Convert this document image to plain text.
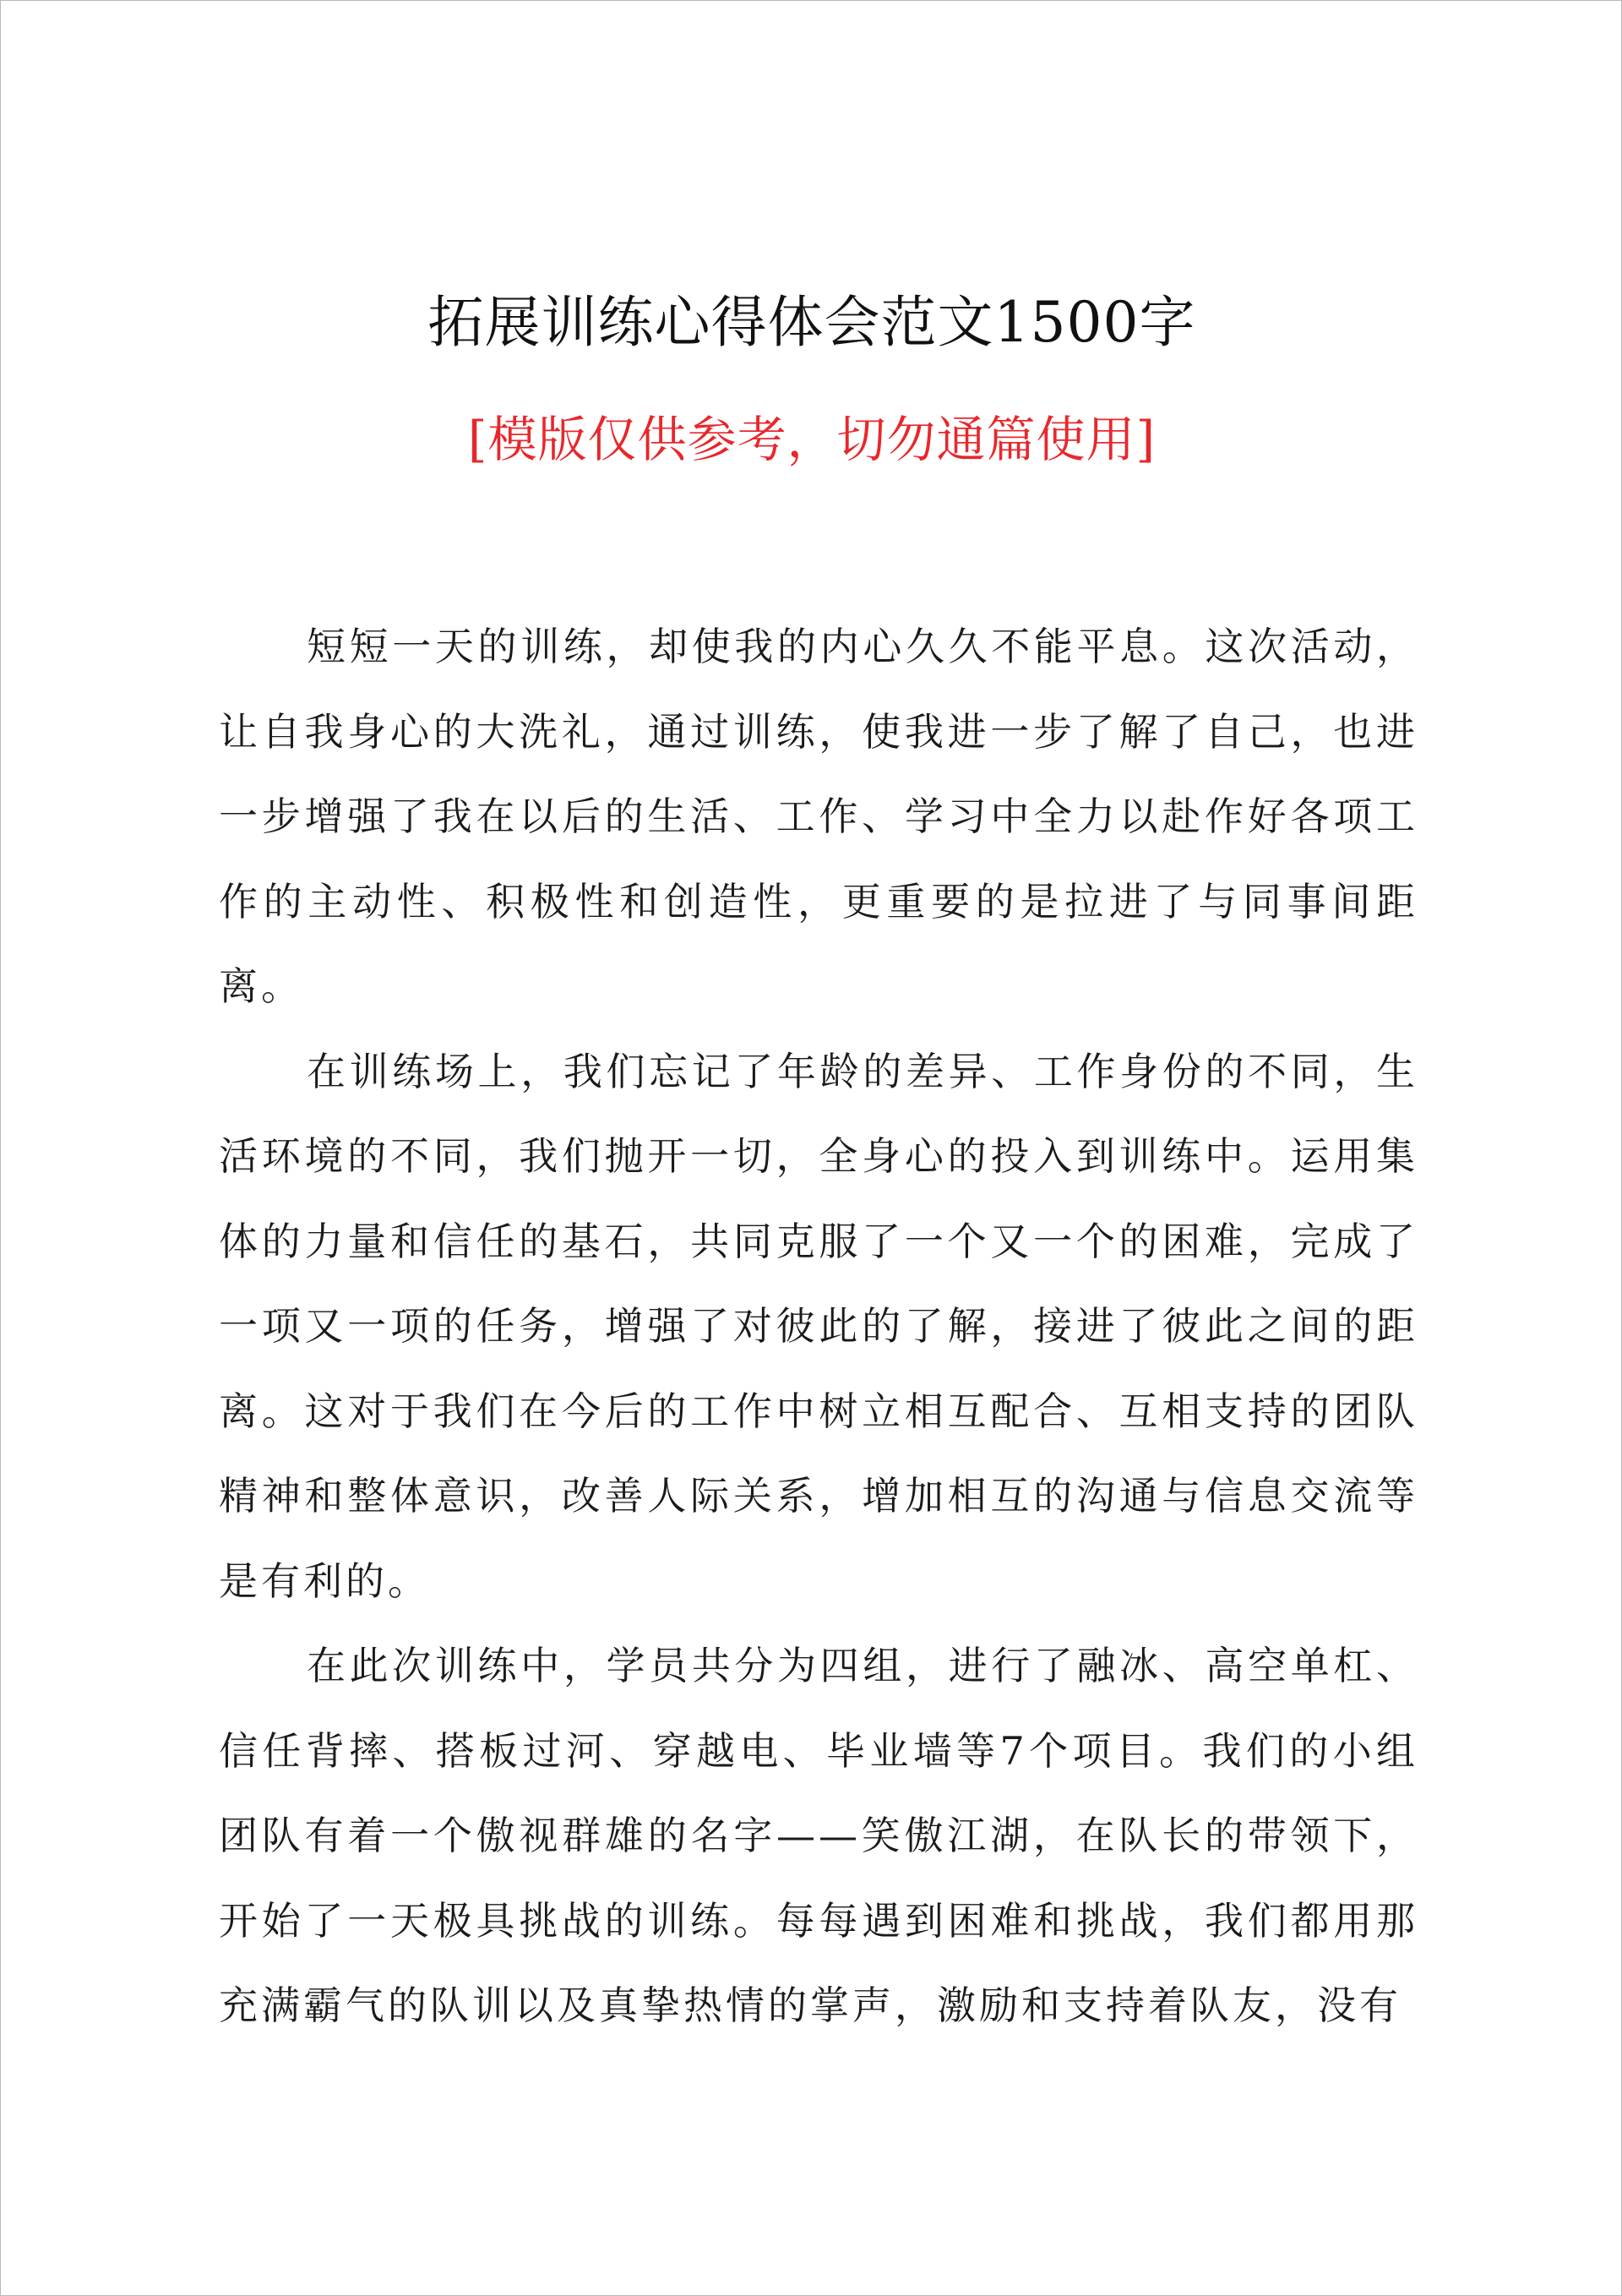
拓展训练心得体会范文1500字
[模版仅供参考，切勿通篇使用]

短短一天的训练，却使我的内心久久不能平息。这次活动，让自我身心的大洗礼，通过训练，使我进一步了解了自己，也进一步增强了我在以后的生活、工作、学习中全力以赴作好各项工作的主动性、积极性和创造性，更重要的是拉进了与同事间距离。

在训练场上，我们忘记了年龄的差异、工作身份的不同，生活环境的不同，我们抛开一切，全身心的投入到训练中。运用集体的力量和信任的基石，共同克服了一个又一个的困难，完成了一项又一项的任务，增强了对彼此的了解，接进了彼此之间的距离。这对于我们在今后的工作中树立相互配合、互相支持的团队精神和整体意识，改善人际关系，增加相互的沟通与信息交流等是有利的。

在此次训练中，学员共分为四组，进行了融冰、高空单杠、信任背摔、搭板过河、穿越电、毕业墙等7个项目。我们的小组团队有着一个傲视群雄的名字——笑傲江湖，在队长的带领下，开始了一天极具挑战的训练。每每遇到困难和挑战，我们都用那充满霸气的队训以及真挚热情的掌声，激励和支持着队友，没有
